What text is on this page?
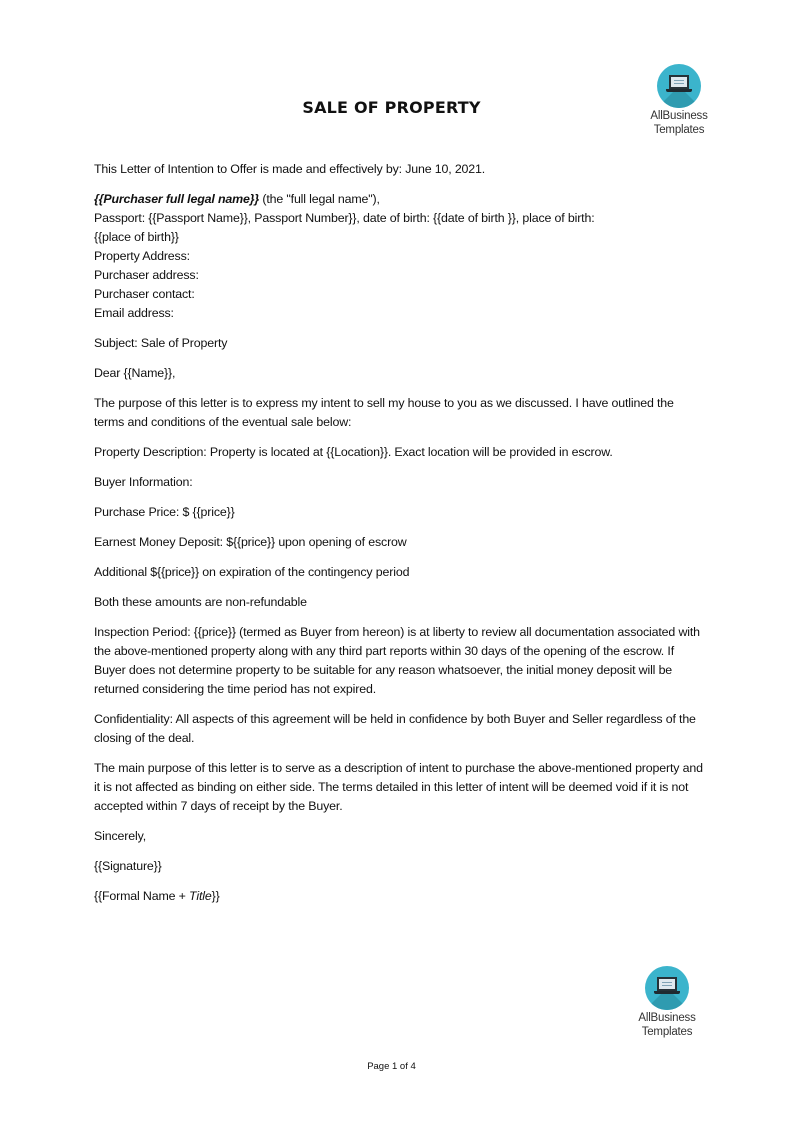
AllBusiness
Templates
SALE OF PROPERTY

This Letter of Intention to Offer is made and effectively by: June 10, 2021.

{{Purchaser full legal name}} (the "full legal name"),

Passport: {{Passport Name}}, Passport Number}}, date of birth: {{date of birth }}, place of birth:

{{place of birth}}

Property Address:

Purchaser address:

Purchaser contact:

Email address:

Subject: Sale of Property

Dear {{Name}},

The purpose of this letter is to express my intent to sell my house to you as we discussed. I have outlined the terms and conditions of the eventual sale below:

Property Description: Property is located at {{Location}}. Exact location will be provided in escrow.

Buyer Information:

Purchase Price: $ {{price}}

Earnest Money Deposit: ${{price}} upon opening of escrow

Additional ${{price}} on expiration of the contingency period

Both these amounts are non-refundable

Inspection Period: {{price}} (termed as Buyer from hereon) is at liberty to review all documentation associated with the above-mentioned property along with any third part reports within 30 days of the opening of the escrow. If Buyer does not determine property to be suitable for any reason whatsoever, the initial money deposit will be returned considering the time period has not expired.

Confidentiality: All aspects of this agreement will be held in confidence by both Buyer and Seller regardless of the closing of the deal.

The main purpose of this letter is to serve as a description of intent to purchase the above-mentioned property and it is not affected as binding on either side. The terms detailed in this letter of intent will be deemed void if it is not accepted within 7 days of receipt by the Buyer.

Sincerely,

{{Signature}}

{{Formal Name + Title}}

AllBusiness
Templates
Page 1 of 4
